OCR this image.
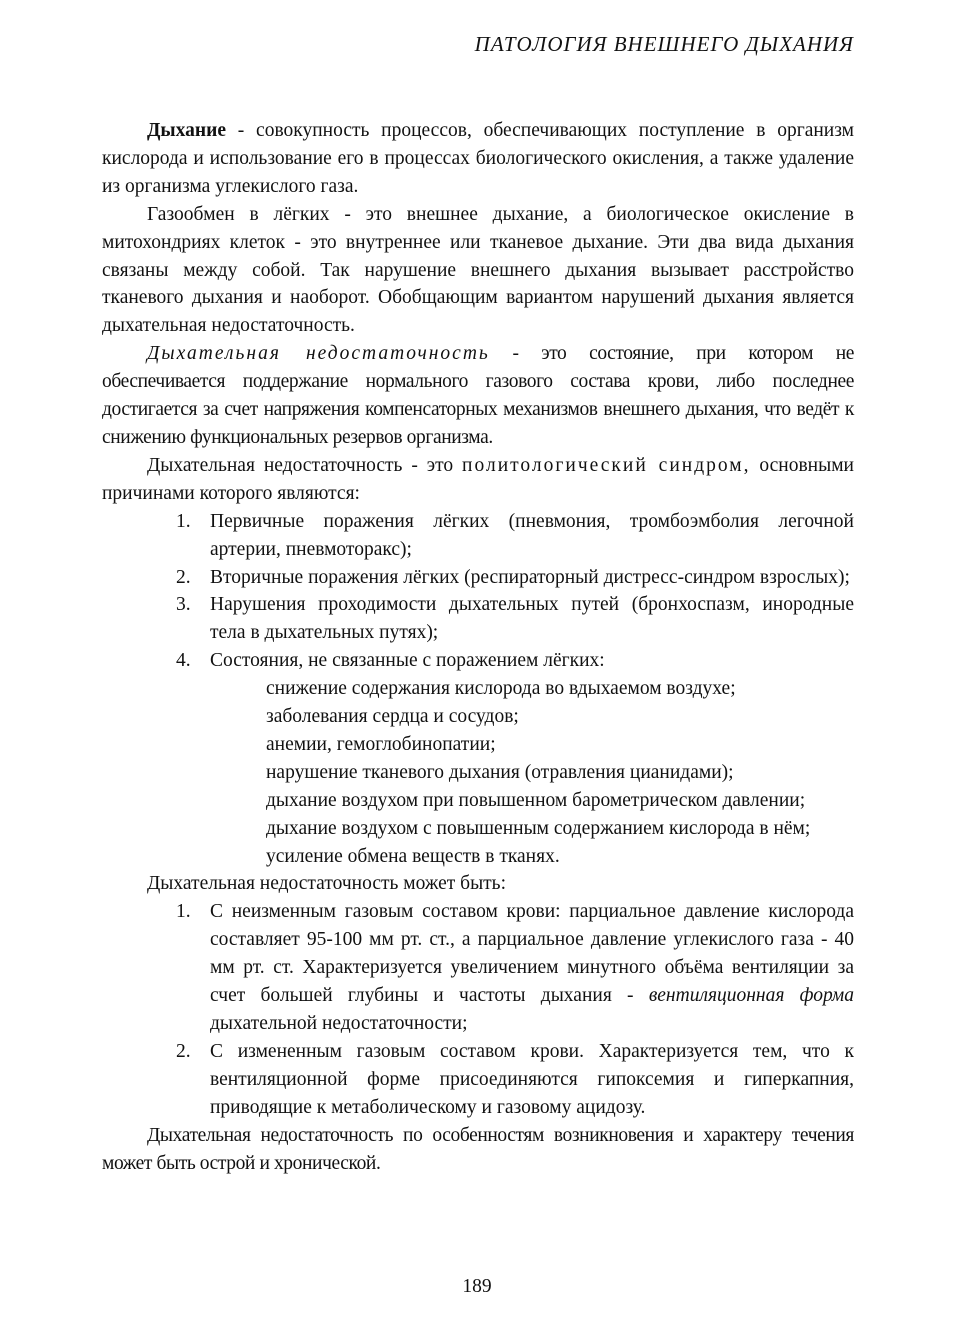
ПАТОЛОГИЯ ВНЕШНЕГО ДЫХАНИЯ

Дыхание - совокупность процессов, обеспечивающих поступление в организм кислорода и использование его в процессах биологического окисления, а также удаление из организма углекислого газа.

Газообмен в лёгких - это внешнее дыхание, а биологическое окисление в митохондриях клеток - это внутреннее или тканевое дыхание. Эти два вида дыхания связаны между собой. Так нарушение внешнего дыхания вызывает расстройство тканевого дыхания и наоборот. Обобщающим вариантом нарушений дыхания является дыхательная недостаточность.

Дыхательная недостаточность - это состояние, при котором не обеспечивается поддержание нормального газового состава крови, либо последнее достигается за счет напряжения компенсаторных механизмов внешнего дыхания, что ведёт к снижению функциональных резервов организма.

Дыхательная недостаточность - это политологический синдром, основными причинами которого являются:

1. Первичные поражения лёгких (пневмония, тромбоэмболия легочной артерии, пневмоторакс);
2. Вторичные поражения лёгких (респираторный дистресс-синдром взрослых);
3. Нарушения проходимости дыхательных путей (бронхоспазм, инородные тела в дыхательных путях);
4. Состояния, не связанные с поражением лёгких:
снижение содержания кислорода во вдыхаемом воздухе;
заболевания сердца и сосудов;
анемии, гемоглобинопатии;
нарушение тканевого дыхания (отравления цианидами);
дыхание воздухом при повышенном барометрическом давлении;
дыхание воздухом с повышенным содержанием кислорода в нём;
усиление обмена веществ в тканях.

Дыхательная недостаточность может быть:

1. С неизменным газовым составом крови: парциальное давление кислорода составляет 95-100 мм рт. ст., а парциальное давление углекислого газа - 40 мм рт. ст. Характеризуется увеличением минутного объёма вентиляции за счет большей глубины и частоты дыхания - вентиляционная форма дыхательной недостаточности;
2. С измененным газовым составом крови. Характеризуется тем, что к вентиляционной форме присоединяются гипоксемия и гиперкапния, приводящие к метаболическому и газовому ацидозу.

Дыхательная недостаточность по особенностям возникновения и характеру течения может быть острой и хронической.

189
